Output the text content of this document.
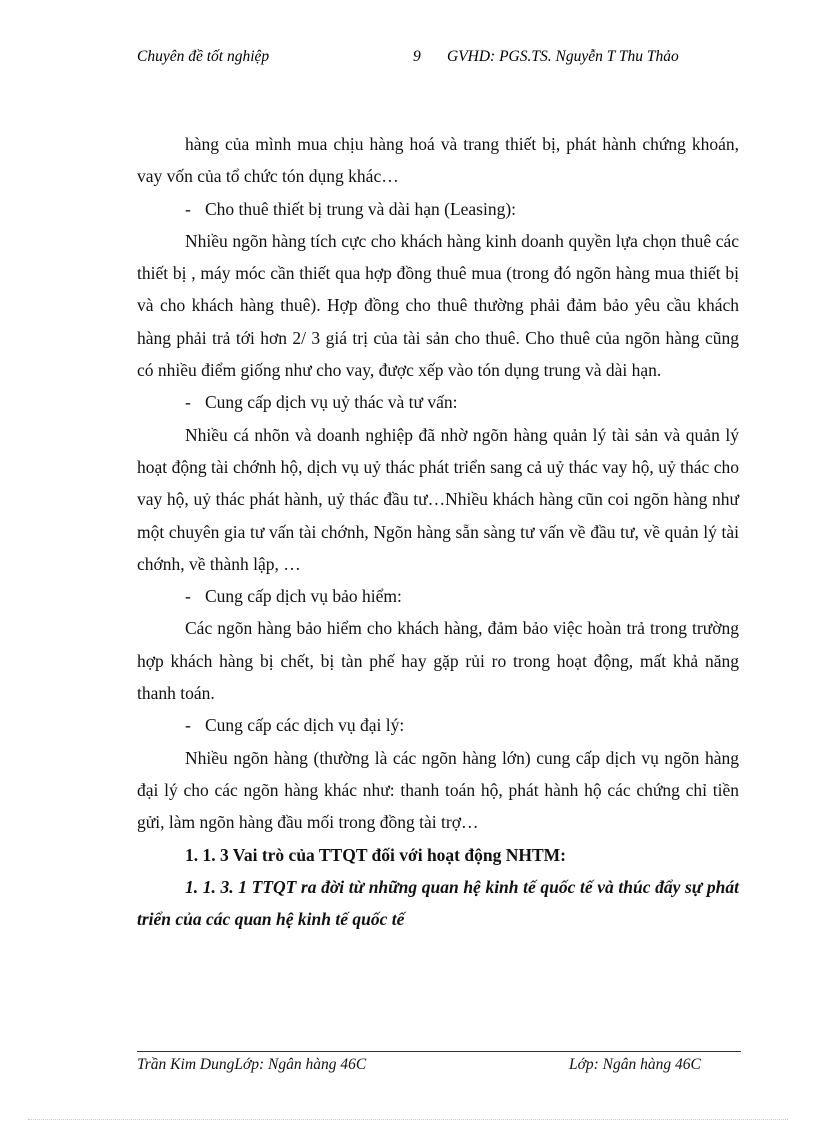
Chuyên đề tốt nghiệp	9 GVHD: PGS.TS. Nguyễn T Thu Thảo

hàng của mình mua chịu hàng hoá và trang thiết bị, phát hành chứng khoán, vay vốn của tổ chức tón dụng khác…

- Cho thuê thiết bị trung và dài hạn (Leasing):

Nhiều ngõn hàng tích cực cho khách hàng kinh doanh quyền lựa chọn thuê các thiết bị , máy móc cần thiết qua hợp đồng thuê mua (trong đó ngõn hàng mua thiết bị và cho khách hàng thuê). Hợp đồng cho thuê thường phải đảm bảo yêu cầu khách hàng phải trả tới hơn 2/ 3 giá trị của tài sản cho thuê. Cho thuê của ngõn hàng cũng có nhiều điểm giống như cho vay, được xếp vào tón dụng trung và dài hạn.

- Cung cấp dịch vụ uỷ thác và tư vấn:

Nhiều cá nhõn và doanh nghiệp đã nhờ ngõn hàng quản lý tài sản và quản lý hoạt động tài chớnh hộ, dịch vụ uỷ thác phát triển sang cả uỷ thác vay hộ, uỷ thác cho vay hộ, uỷ thác phát hành, uỷ thác đầu tư…Nhiều khách hàng cũn coi ngõn hàng như một chuyên gia tư vấn tài chớnh, Ngõn hàng sẵn sàng tư vấn về đầu tư, về quản lý tài chớnh, về thành lập, …

- Cung cấp dịch vụ bảo hiểm:

Các ngõn hàng bảo hiểm cho khách hàng, đảm bảo việc hoàn trả trong trường hợp khách hàng bị chết, bị tàn phế hay gặp rủi ro trong hoạt động, mất khả năng thanh toán.

- Cung cấp các dịch vụ đại lý:

Nhiều ngõn hàng (thường là các ngõn hàng lớn) cung cấp dịch vụ ngõn hàng đại lý cho các ngõn hàng khác như: thanh toán hộ, phát hành hộ các chứng chỉ tiền gửi, làm ngõn hàng đầu mối trong đồng tài trợ…

1. 1. 3 Vai trò của TTQT đối với hoạt động NHTM:

1. 1. 3. 1 TTQT ra đời từ những quan hệ kinh tế quốc tế và thúc đẩy sự phát triển của các quan hệ kinh tế quốc tế

Trần Kim DungLớp: Ngân hàng 46C	Lớp: Ngân hàng 46C
